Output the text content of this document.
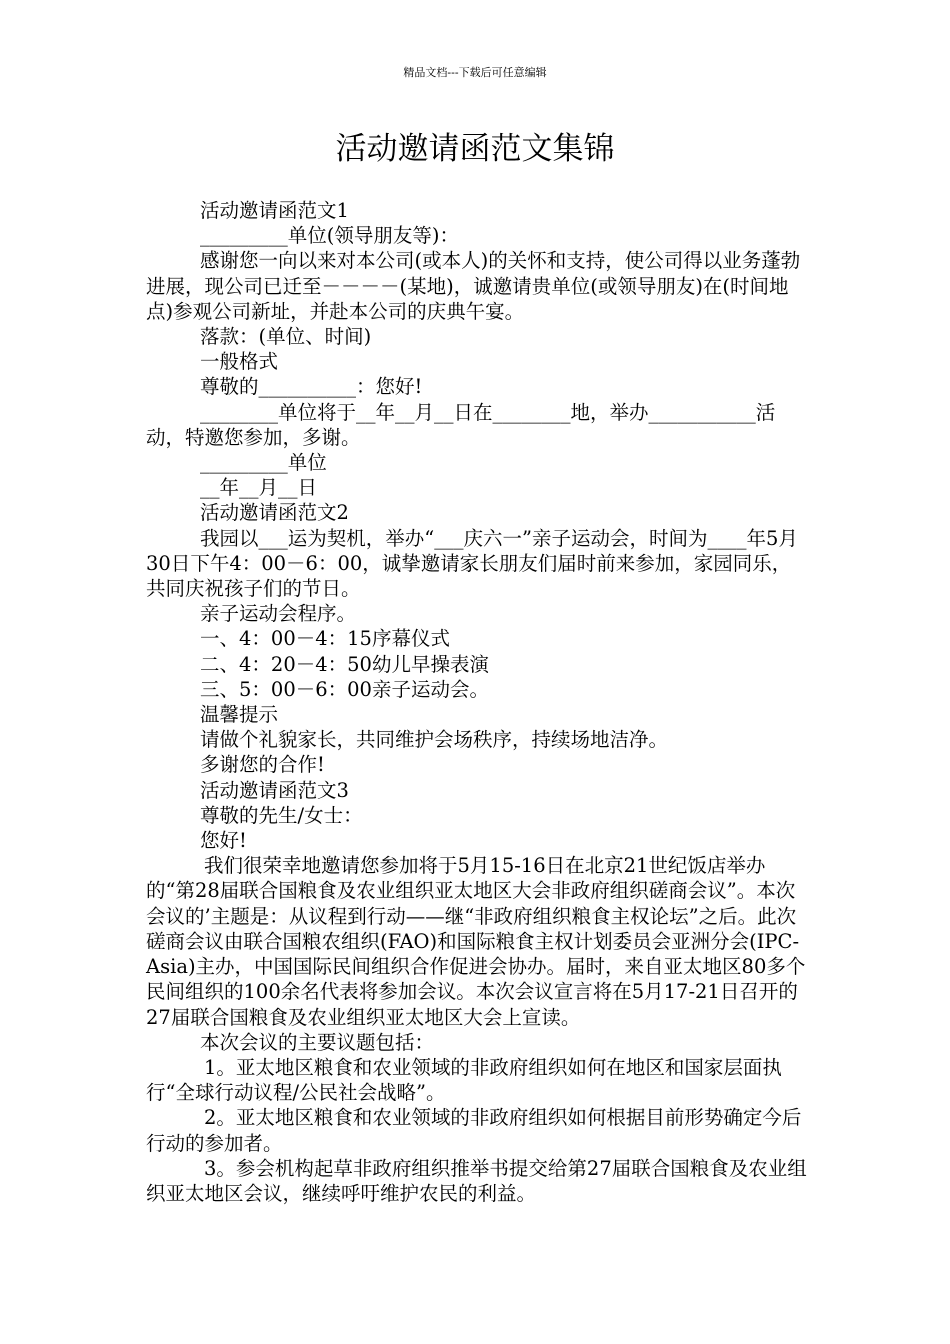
精品文档---下载后可任意编辑
活动邀请函范文集锦

活动邀请函范文1

_________单位(领导朋友等)：

感谢您一向以来对本公司(或本人)的关怀和支持，使公司得以业务蓬勃进展，现公司已迁至－－－－(某地)，诚邀请贵单位(或领导朋友)在(时间地点)参观公司新址，并赴本公司的庆典午宴。

落款：(单位、时间)

一般格式

尊敬的__________：您好!

________单位将于__年__月__日在________地，举办___________活动，特邀您参加，多谢。

_________单位

__年__月__日

活动邀请函范文2

我园以___运为契机，举办“___庆六一”亲子运动会，时间为____年5月30日下午4：00－6：00，诚挚邀请家长朋友们届时前来参加，家园同乐，共同庆祝孩子们的节日。

亲子运动会程序。

一、4：00－4：15序幕仪式

二、4：20－4：50幼儿早操表演

三、5：00－6：00亲子运动会。

温馨提示

请做个礼貌家长，共同维护会场秩序，持续场地洁净。

多谢您的合作!

活动邀请函范文3

尊敬的先生/女士：

您好!

我们很荣幸地邀请您参加将于5月15-16日在北京21世纪饭店举办的“第28届联合国粮食及农业组织亚太地区大会非政府组织磋商会议”。本次会议的’主题是：从议程到行动——继“非政府组织粮食主权论坛”之后。此次磋商会议由联合国粮农组织(FAO)和国际粮食主权计划委员会亚洲分会(IPC-Asia)主办，中国国际民间组织合作促进会协办。届时，来自亚太地区80多个民间组织的100余名代表将参加会议。本次会议宣言将在5月17-21日召开的27届联合国粮食及农业组织亚太地区大会上宣读。

本次会议的主要议题包括：

1。亚太地区粮食和农业领域的非政府组织如何在地区和国家层面执行“全球行动议程/公民社会战略”。

2。亚太地区粮食和农业领域的非政府组织如何根据目前形势确定今后行动的参加者。

3。参会机构起草非政府组织推举书提交给第27届联合国粮食及农业组织亚太地区会议，继续呼吁维护农民的利益。
